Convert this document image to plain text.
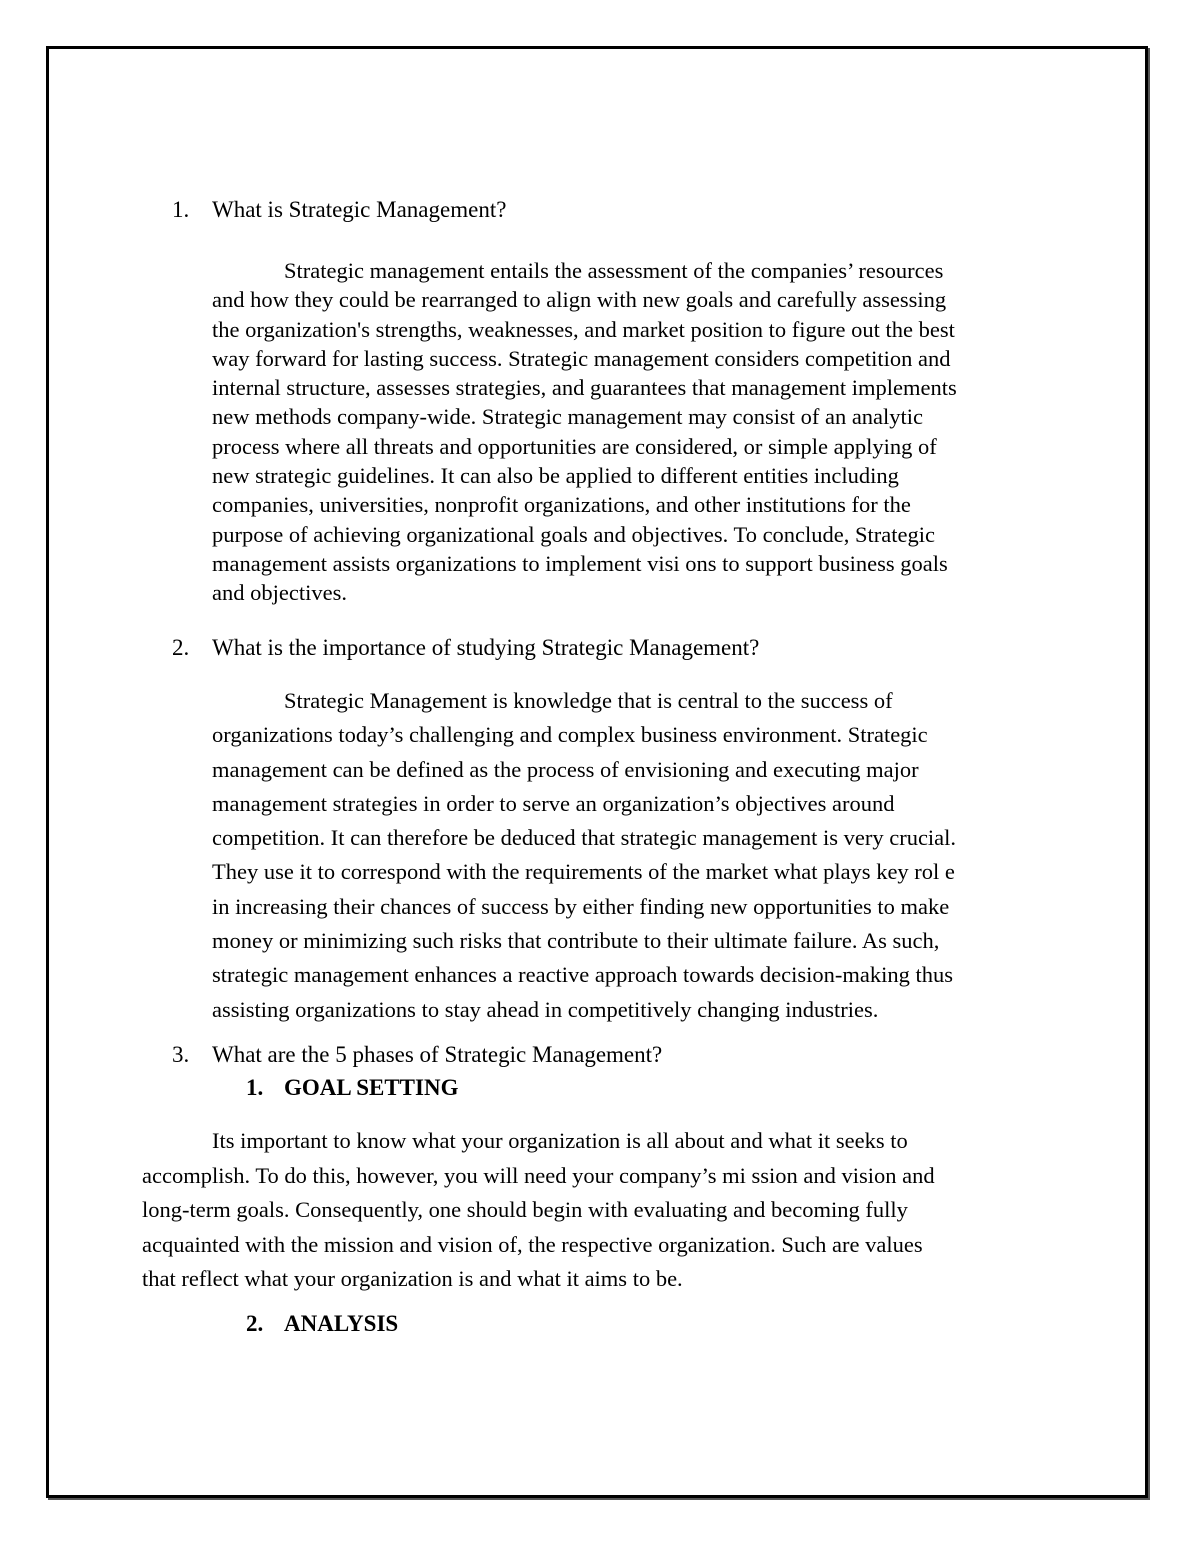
1. What is Strategic Management?
Strategic management entails the assessment of the companies’ resources
and how they could be rearranged to align with new goals and carefully assessing
the organization's strengths, weaknesses, and market position to figure out the best
way forward for lasting success. Strategic management considers competition and
internal structure, assesses strategies, and guarantees that management implements
new methods company-wide. Strategic management may consist of an analytic
process where all threats and opportunities are considered, or simple applying of
new strategic guidelines. It can also be applied to different entities including
companies, universities, nonprofit organizations, and other institutions for the
purpose of achieving organizational goals and objectives. To conclude, Strategic
management assists organizations to implement visi ons to support business goals
and objectives.
2. What is the importance of studying Strategic Management?
Strategic Management is knowledge that is central to the success of
organizations today’s challenging and complex business environment. Strategic
management can be defined as the process of envisioning and executing major
management strategies in order to serve an organization’s objectives around
competition. It can therefore be deduced that strategic management is very crucial.
They use it to correspond with the requirements of the market what plays key rol e
in increasing their chances of success by either finding new opportunities to make
money or minimizing such risks that contribute to their ultimate failure. As such,
strategic management enhances a reactive approach towards decision-making thus
assisting organizations to stay ahead in competitively changing industries.
3. What are the 5 phases of Strategic Management?
1. GOAL SETTING
Its important to know what your organization is all about and what it seeks to
accomplish. To do this, however, you will need your company’s mi ssion and vision and
long-term goals. Consequently, one should begin with evaluating and becoming fully
acquainted with the mission and vision of, the respective organization. Such are values
that reflect what your organization is and what it aims to be.
2. ANALYSIS
